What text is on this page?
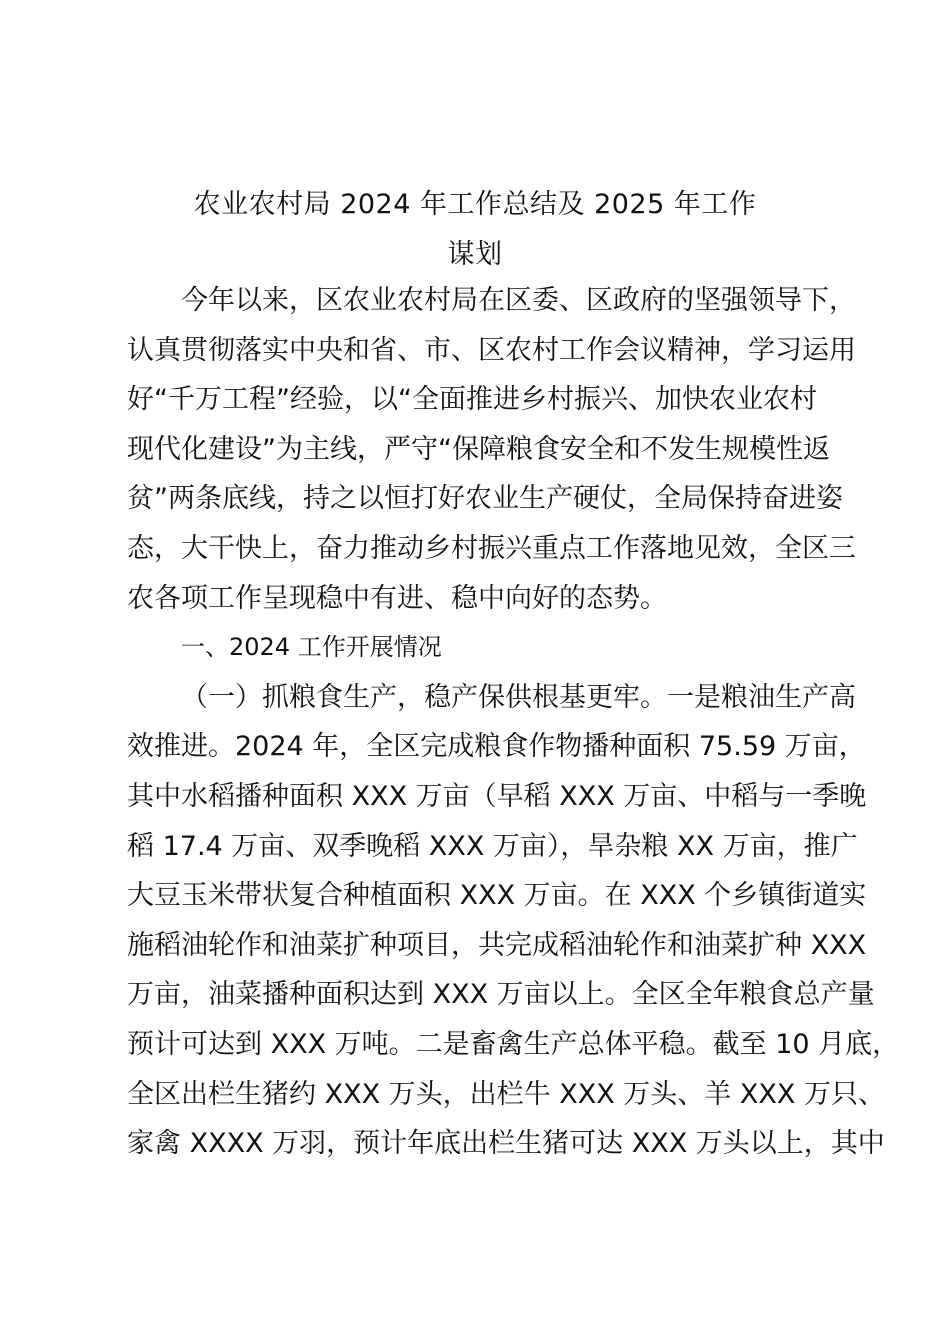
农业农村局 2024 年工作总结及 2025 年工作
谋划
今年以来，区农业农村局在区委、区政府的坚强领导下，
认真贯彻落实中央和省、市、区农村工作会议精神，学习运用
好“千万工程”经验，以“全面推进乡村振兴、加快农业农村
现代化建设”为主线，严守“保障粮食安全和不发生规模性返
贫”两条底线，持之以恒打好农业生产硬仗，全局保持奋进姿
态，大干快上，奋力推动乡村振兴重点工作落地见效，全区三
农各项工作呈现稳中有进、稳中向好的态势。
一、2024 工作开展情况
（一）抓粮食生产，稳产保供根基更牢。一是粮油生产高
效推进。2024 年，全区完成粮食作物播种面积 75.59 万亩，
其中水稻播种面积 XXX 万亩（早稻 XXX 万亩、中稻与一季晚
稻 17.4 万亩、双季晚稻 XXX 万亩），旱杂粮 XX 万亩，推广
大豆玉米带状复合种植面积 XXX 万亩。在 XXX 个乡镇街道实
施稻油轮作和油菜扩种项目，共完成稻油轮作和油菜扩种 XXX
万亩，油菜播种面积达到 XXX 万亩以上。全区全年粮食总产量
预计可达到 XXX 万吨。二是畜禽生产总体平稳。截至 10 月底，
全区出栏生猪约 XXX 万头，出栏牛 XXX 万头、羊 XXX 万只、
家禽 XXXX 万羽，预计年底出栏生猪可达 XXX 万头以上，其中
